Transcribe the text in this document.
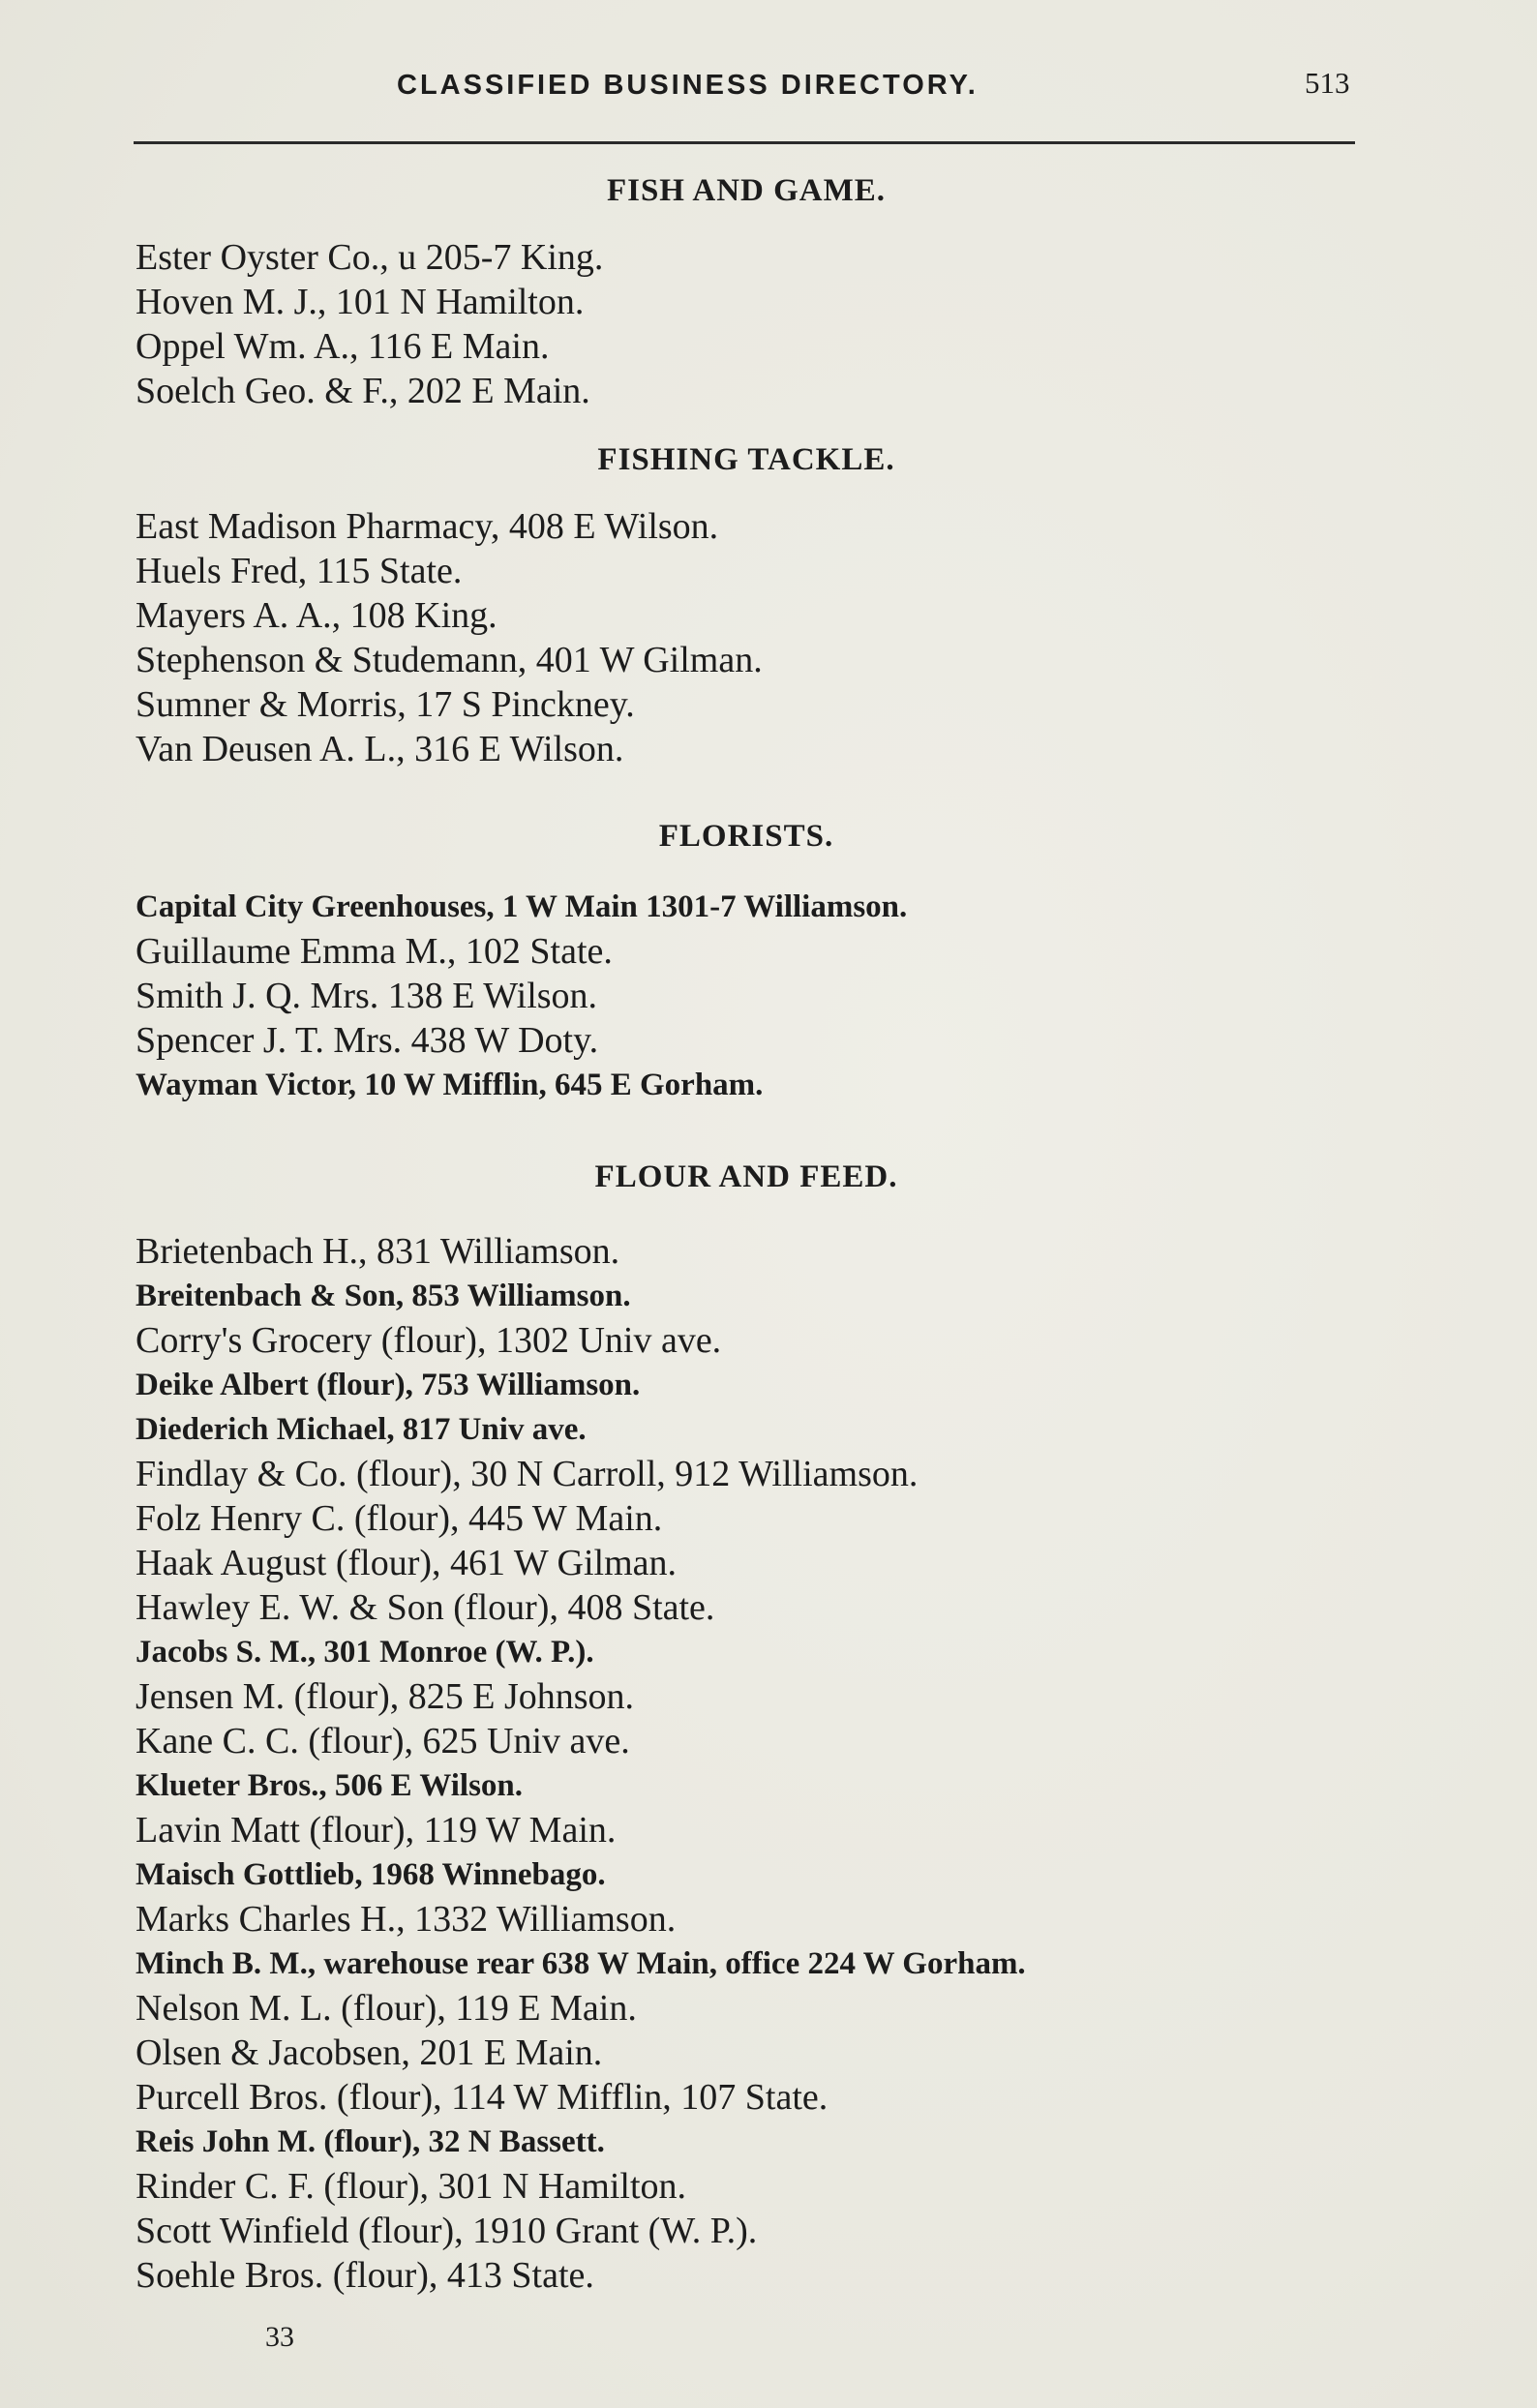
CLASSIFIED BUSINESS DIRECTORY.	513
FISH AND GAME.
Ester Oyster Co., u 205-7 King.
Hoven M. J., 101 N Hamilton.
Oppel Wm. A., 116 E Main.
Soelch Geo. & F., 202 E Main.
FISHING TACKLE.
East Madison Pharmacy, 408 E Wilson.
Huels Fred, 115 State.
Mayers A. A., 108 King.
Stephenson & Studemann, 401 W Gilman.
Sumner & Morris, 17 S Pinckney.
Van Deusen A. L., 316 E Wilson.
FLORISTS.
Capital City Greenhouses, 1 W Main 1301-7 Williamson.
Guillaume Emma M., 102 State.
Smith J. Q. Mrs. 138 E Wilson.
Spencer J. T. Mrs. 438 W Doty.
Wayman Victor, 10 W Mifflin, 645 E Gorham.
FLOUR AND FEED.
Brietenbach H., 831 Williamson.
Breitenbach & Son, 853 Williamson.
Corry's Grocery (flour), 1302 Univ ave.
Deike Albert (flour), 753 Williamson.
Diederich Michael, 817 Univ ave.
Findlay & Co. (flour), 30 N Carroll, 912 Williamson.
Folz Henry C. (flour), 445 W Main.
Haak August (flour), 461 W Gilman.
Hawley E. W. & Son (flour), 408 State.
Jacobs S. M., 301 Monroe (W. P.).
Jensen M. (flour), 825 E Johnson.
Kane C. C. (flour), 625 Univ ave.
Klueter Bros., 506 E Wilson.
Lavin Matt (flour), 119 W Main.
Maisch Gottlieb, 1968 Winnebago.
Marks Charles H., 1332 Williamson.
Minch B. M., warehouse rear 638 W Main, office 224 W Gorham.
Nelson M. L. (flour), 119 E Main.
Olsen & Jacobsen, 201 E Main.
Purcell Bros. (flour), 114 W Mifflin, 107 State.
Reis John M. (flour), 32 N Bassett.
Rinder C. F. (flour), 301 N Hamilton.
Scott Winfield (flour), 1910 Grant (W. P.).
Soehle Bros. (flour), 413 State.
33
